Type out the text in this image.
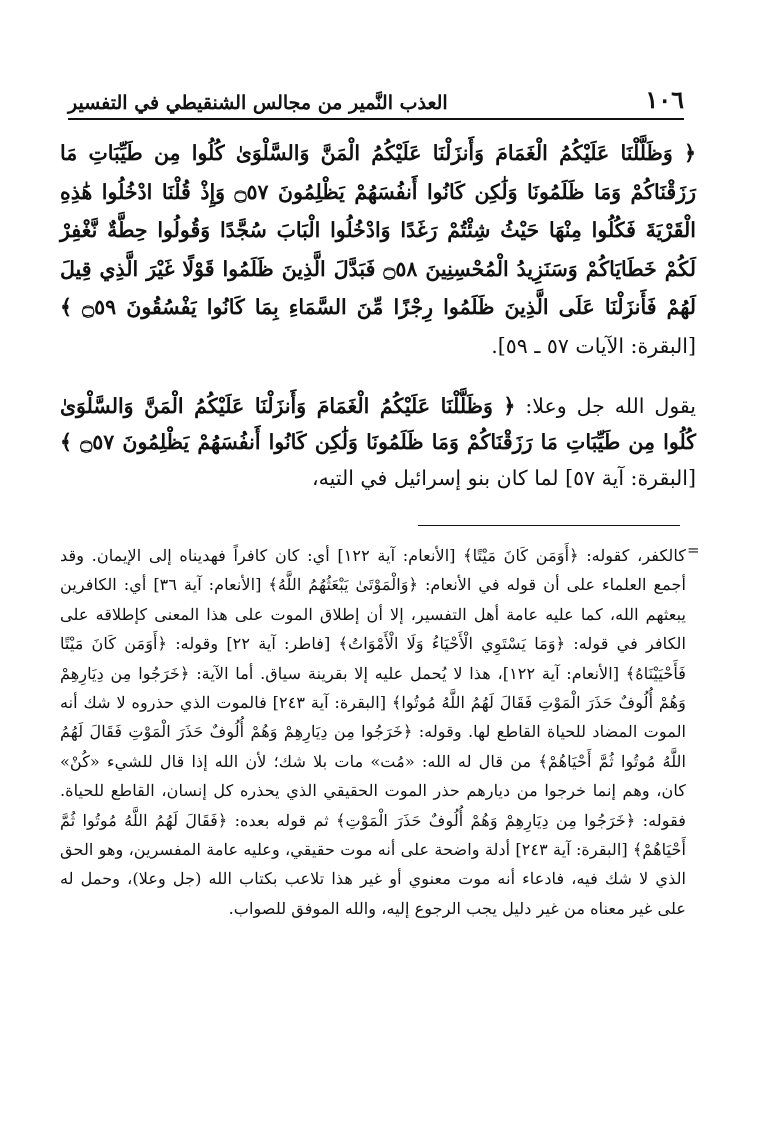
١٠٦
العذب النَّمير من مجالس الشنقيطي في التفسير

﴿ وَظَلَّلْنَا عَلَيْكُمُ الْغَمَامَ وَأَنزَلْنَا عَلَيْكُمُ الْمَنَّ وَالسَّلْوَىٰ كُلُوا مِن طَيِّبَاتِ مَا رَزَقْنَاكُمْ وَمَا ظَلَمُونَا وَلَٰكِن كَانُوا أَنفُسَهُمْ يَظْلِمُونَ ۝٥٧ وَإِذْ قُلْنَا ادْخُلُوا هَٰذِهِ الْقَرْيَةَ فَكُلُوا مِنْهَا حَيْثُ شِئْتُمْ رَغَدًا وَادْخُلُوا الْبَابَ سُجَّدًا وَقُولُوا حِطَّةٌ نَّغْفِرْ لَكُمْ خَطَايَاكُمْ وَسَنَزِيدُ الْمُحْسِنِينَ ۝٥٨ فَبَدَّلَ الَّذِينَ ظَلَمُوا قَوْلًا غَيْرَ الَّذِي قِيلَ لَهُمْ فَأَنزَلْنَا عَلَى الَّذِينَ ظَلَمُوا رِجْزًا مِّنَ السَّمَاءِ بِمَا كَانُوا يَفْسُقُونَ ۝٥٩ ﴾ [البقرة: الآيات ٥٧ ـ ٥٩].

يقول الله جل وعلا: ﴿ وَظَلَّلْنَا عَلَيْكُمُ الْغَمَامَ وَأَنزَلْنَا عَلَيْكُمُ الْمَنَّ وَالسَّلْوَىٰ كُلُوا مِن طَيِّبَاتِ مَا رَزَقْنَاكُمْ وَمَا ظَلَمُونَا وَلَٰكِن كَانُوا أَنفُسَهُمْ يَظْلِمُونَ ۝٥٧ ﴾ [البقرة: آية ٥٧] لما كان بنو إسرائيل في التيه،

=

كالكفر، كقوله: ﴿أَوَمَن كَانَ مَيْتًا﴾ [الأنعام: آية ١٢٢] أي: كان كافراً فهديناه إلى الإيمان. وقد أجمع العلماء على أن قوله في الأنعام: ﴿وَالْمَوْتَىٰ يَبْعَثُهُمُ اللَّهُ﴾ [الأنعام: آية ٣٦] أي: الكافرين يبعثهم الله، كما عليه عامة أهل التفسير، إلا أن إطلاق الموت على هذا المعنى كإطلاقه على الكافر في قوله: ﴿وَمَا يَسْتَوِي الْأَحْيَاءُ وَلَا الْأَمْوَاتُ﴾ [فاطر: آية ٢٢] وقوله: ﴿أَوَمَن كَانَ مَيْتًا فَأَحْيَيْنَاهُ﴾ [الأنعام: آية ١٢٢]، هذا لا يُحمل عليه إلا بقرينة سياق. أما الآية: ﴿خَرَجُوا مِن دِيَارِهِمْ وَهُمْ أُلُوفٌ حَذَرَ الْمَوْتِ فَقَالَ لَهُمُ اللَّهُ مُوتُوا﴾ [البقرة: آية ٢٤٣] فالموت الذي حذروه لا شك أنه الموت المضاد للحياة القاطع لها. وقوله: ﴿خَرَجُوا مِن دِيَارِهِمْ وَهُمْ أُلُوفٌ حَذَرَ الْمَوْتِ فَقَالَ لَهُمُ اللَّهُ مُوتُوا ثُمَّ أَحْيَاهُمْ﴾ من قال له الله: «مُت» مات بلا شك؛ لأن الله إذا قال للشيء «كُنْ» كان، وهم إنما خرجوا من ديارهم حذر الموت الحقيقي الذي يحذره كل إنسان، القاطع للحياة. فقوله: ﴿خَرَجُوا مِن دِيَارِهِمْ وَهُمْ أُلُوفٌ حَذَرَ الْمَوْتِ﴾ ثم قوله بعده: ﴿فَقَالَ لَهُمُ اللَّهُ مُوتُوا ثُمَّ أَحْيَاهُمْ﴾ [البقرة: آية ٢٤٣] أدلة واضحة على أنه موت حقيقي، وعليه عامة المفسرين، وهو الحق الذي لا شك فيه، فادعاء أنه موت معنوي أو غير هذا تلاعب بكتاب الله (جل وعلا)، وحمل له على غير معناه من غير دليل يجب الرجوع إليه، والله الموفق للصواب.
